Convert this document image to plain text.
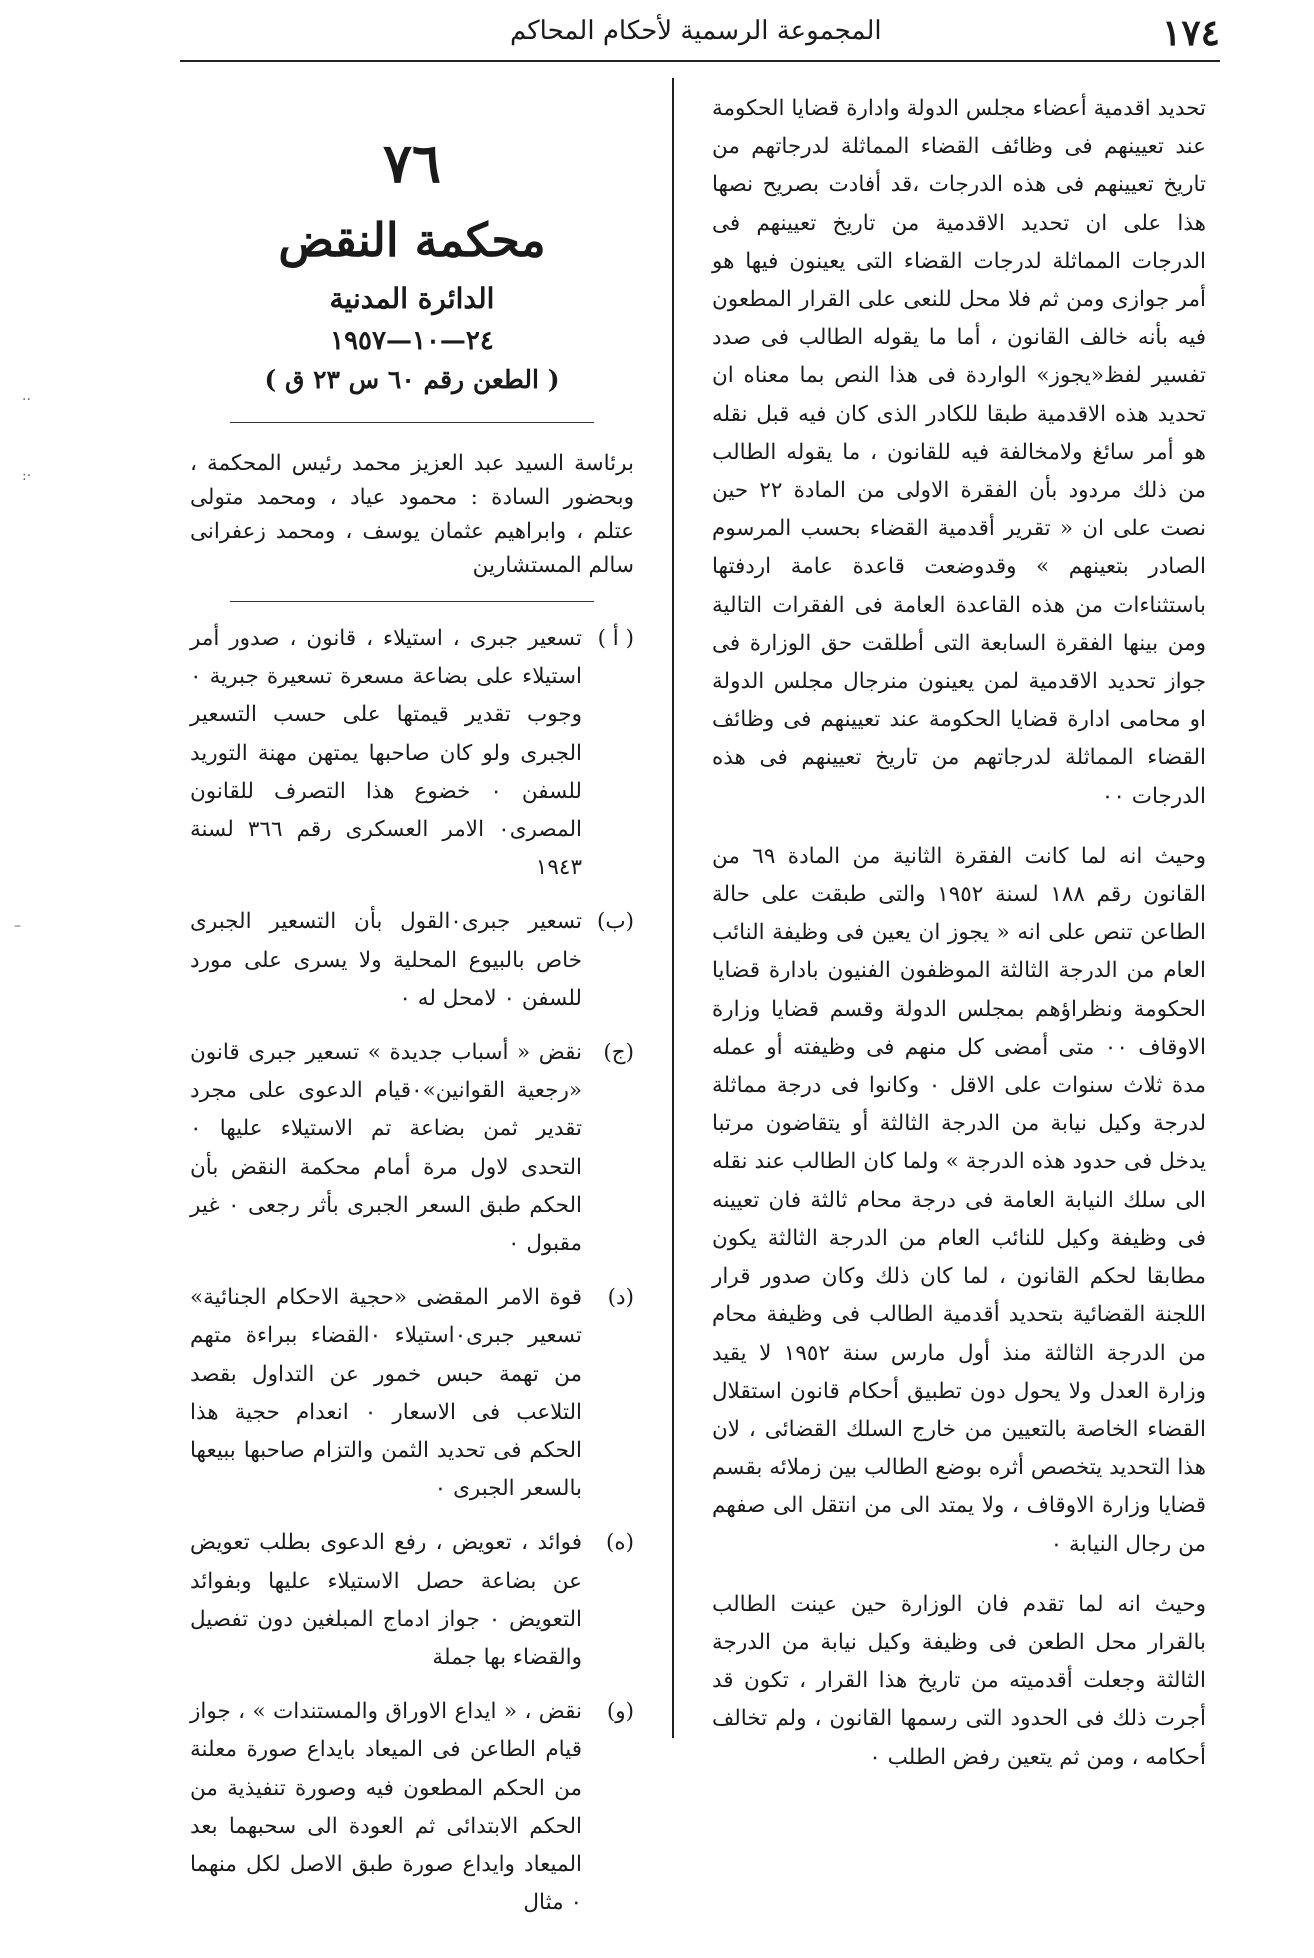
١٧٤
المجموعة الرسمية لأحكام المحاكم

تحديد اقدمية أعضاء مجلس الدولة وادارة قضايا الحكومة عند تعيينهم فى وظائف القضاء المماثلة لدرجاتهم من تاريخ تعيينهم فى هذه الدرجات ،قد أفادت بصريح نصها هذا على ان تحديد الاقدمية من تاريخ تعيينهم فى الدرجات المماثلة لدرجات القضاء التى يعينون فيها هو أمر جوازى ومن ثم فلا محل للنعى على القرار المطعون فيه بأنه خالف القانون ، أما ما يقوله الطالب فى صدد تفسير لفظ«يجوز» الواردة فى هذا النص بما معناه ان تحديد هذه الاقدمية طبقا للكادر الذى كان فيه قبل نقله هو أمر سائغ ولامخالفة فيه للقانون ، ما يقوله الطالب من ذلك مردود بأن الفقرة الاولى من المادة ٢٢ حين نصت على ان « تقرير أقدمية القضاء بحسب المرسوم الصادر بتعينهم » وقدوضعت قاعدة عامة اردفتها باستثناءات من هذه القاعدة العامة فى الفقرات التالية ومن بينها الفقرة السابعة التى أطلقت حق الوزارة فى جواز تحديد الاقدمية لمن يعينون منرجال مجلس الدولة او محامى ادارة قضايا الحكومة عند تعيينهم فى وظائف القضاء المماثلة لدرجاتهم من تاريخ تعيينهم فى هذه الدرجات ٠٠

وحيث انه لما كانت الفقرة الثانية من المادة ٦٩ من القانون رقم ١٨٨ لسنة ١٩٥٢ والتى طبقت على حالة الطاعن تنص على انه « يجوز ان يعين فى وظيفة النائب العام من الدرجة الثالثة الموظفون الفنيون بادارة قضايا الحكومة ونظراؤهم بمجلس الدولة وقسم قضايا وزارة الاوقاف ٠٠ متى أمضى كل منهم فى وظيفته أو عمله مدة ثلاث سنوات على الاقل ٠ وكانوا فى درجة مماثلة لدرجة وكيل نيابة من الدرجة الثالثة أو يتقاضون مرتبا يدخل فى حدود هذه الدرجة » ولما كان الطالب عند نقله الى سلك النيابة العامة فى درجة محام ثالثة فان تعيينه فى وظيفة وكيل للنائب العام من الدرجة الثالثة يكون مطابقا لحكم القانون ، لما كان ذلك وكان صدور قرار اللجنة القضائية بتحديد أقدمية الطالب فى وظيفة محام من الدرجة الثالثة منذ أول مارس سنة ١٩٥٢ لا يقيد وزارة العدل ولا يحول دون تطبيق أحكام قانون استقلال القضاء الخاصة بالتعيين من خارج السلك القضائى ، لان هذا التحديد يتخصص أثره بوضع الطالب بين زملائه بقسم قضايا وزارة الاوقاف ، ولا يمتد الى من انتقل الى صفهم من رجال النيابة ٠

وحيث انه لما تقدم فان الوزارة حين عينت الطالب بالقرار محل الطعن فى وظيفة وكيل نيابة من الدرجة الثالثة وجعلت أقدميته من تاريخ هذا القرار ، تكون قد أجرت ذلك فى الحدود التى رسمها القانون ، ولم تخالف أحكامه ، ومن ثم يتعين رفض الطلب ٠

٧٦
محكمة النقض
الدائرة المدنية
٢٤—١٠—١٩٥٧
( الطعن رقم ٦٠ س ٢٣ ق )

برئاسة السيد عبد العزيز محمد رئيس المحكمة ، وبحضور السادة : محمود عياد ، ومحمد متولى عتلم ، وابراهيم عثمان يوسف ، ومحمد زعفرانى سالم المستشارين

( أ )
تسعير جبرى ، استيلاء ، قانون ، صدور أمر استيلاء على بضاعة مسعرة تسعيرة جبرية ٠ وجوب تقدير قيمتها على حسب التسعير الجبرى ولو كان صاحبها يمتهن مهنة التوريد للسفن ٠ خضوع هذا التصرف للقانون المصرى٠ الامر العسكرى رقم ٣٦٦ لسنة ١٩٤٣
(ب)
تسعير جبرى٠القول بأن التسعير الجبرى خاص بالبيوع المحلية ولا يسرى على مورد للسفن ٠ لامحل له ٠
(ج)
نقض « أسباب جديدة » تسعير جبرى قانون «رجعية القوانين»٠قيام الدعوى على مجرد تقدير ثمن بضاعة تم الاستيلاء عليها ٠ التحدى لاول مرة أمام محكمة النقض بأن الحكم طبق السعر الجبرى بأثر رجعى ٠ غير مقبول ٠
(د)
قوة الامر المقضى «حجية الاحكام الجنائية» تسعير جبرى٠استيلاء ٠القضاء ببراءة متهم من تهمة حبس خمور عن التداول بقصد التلاعب فى الاسعار ٠ انعدام حجية هذا الحكم فى تحديد الثمن والتزام صاحبها ببيعها بالسعر الجبرى ٠
(ه)
فوائد ، تعويض ، رفع الدعوى بطلب تعويض عن بضاعة حصل الاستيلاء عليها وبفوائد التعويض ٠ جواز ادماج المبلغين دون تفصيل والقضاء بها جملة
(و)
نقض ، « ايداع الاوراق والمستندات » ، جواز قيام الطاعن فى الميعاد بايداع صورة معلنة من الحكم المطعون فيه وصورة تنفيذية من الحكم الابتدائى ثم العودة الى سحبهما بعد الميعاد وايداع صورة طبق الاصل لكل منهما ٠ مثال
··
·:
–
